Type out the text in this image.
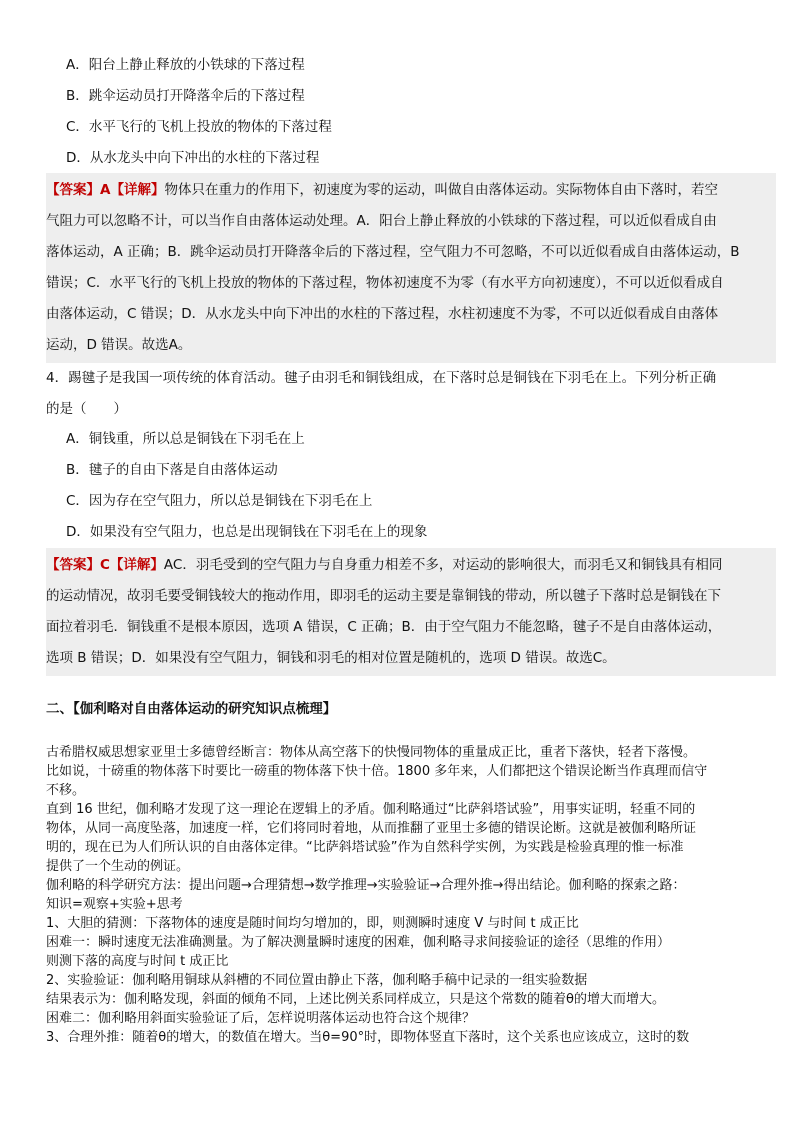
A．阳台上静止释放的小铁球的下落过程
B．跳伞运动员打开降落伞后的下落过程
C．水平飞行的飞机上投放的物体的下落过程
D．从水龙头中向下冲出的水柱的下落过程
【答案】A【详解】物体只在重力的作用下，初速度为零的运动，叫做自由落体运动。实际物体自由下落时，若空
气阻力可以忽略不计，可以当作自由落体运动处理。A．阳台上静止释放的小铁球的下落过程，可以近似看成自由
落体运动，A 正确；B．跳伞运动员打开降落伞后的下落过程，空气阻力不可忽略，不可以近似看成自由落体运动，B
错误；C．水平飞行的飞机上投放的物体的下落过程，物体初速度不为零（有水平方向初速度），不可以近似看成自
由落体运动，C 错误；D．从水龙头中向下冲出的水柱的下落过程，水柱初速度不为零，不可以近似看成自由落体
运动，D 错误。故选A。
4．踢毽子是我国一项传统的体育活动。毽子由羽毛和铜钱组成，在下落时总是铜钱在下羽毛在上。下列分析正确
的是（　　）
A．铜钱重，所以总是铜钱在下羽毛在上
B．毽子的自由下落是自由落体运动
C．因为存在空气阻力，所以总是铜钱在下羽毛在上
D．如果没有空气阻力，也总是出现铜钱在下羽毛在上的现象
【答案】C【详解】AC．羽毛受到的空气阻力与自身重力相差不多，对运动的影响很大，而羽毛又和铜钱具有相同
的运动情况，故羽毛要受铜钱较大的拖动作用，即羽毛的运动主要是靠铜钱的带动，所以毽子下落时总是铜钱在下
面拉着羽毛．铜钱重不是根本原因，选项 A 错误，C 正确；B．由于空气阻力不能忽略，毽子不是自由落体运动，
选项 B 错误；D．如果没有空气阻力，铜钱和羽毛的相对位置是随机的，选项 D 错误。故选C。
二、【伽利略对自由落体运动的研究知识点梳理】
古希腊权威思想家亚里士多德曾经断言：物体从高空落下的快慢同物体的重量成正比，重者下落快，轻者下落慢。
比如说，十磅重的物体落下时要比一磅重的物体落下快十倍。1800 多年来，人们都把这个错误论断当作真理而信守
不移。
直到 16 世纪，伽利略才发现了这一理论在逻辑上的矛盾。伽利略通过“比萨斜塔试验”，用事实证明，轻重不同的
物体，从同一高度坠落，加速度一样，它们将同时着地，从而推翻了亚里士多德的错误论断。这就是被伽利略所证
明的，现在已为人们所认识的自由落体定律。“比萨斜塔试验”作为自然科学实例，为实践是检验真理的惟一标准
提供了一个生动的例证。
伽利略的科学研究方法：提出问题→合理猜想→数学推理→实验验证→合理外推→得出结论。伽利略的探索之路：
知识=观察+实验+思考
1、大胆的猜测：下落物体的速度是随时间均匀增加的，即，则测瞬时速度 V 与时间 t 成正比
困难一：瞬时速度无法准确测量。为了解决测量瞬时速度的困难，伽利略寻求间接验证的途径（思维的作用）
则测下落的高度与时间 t 成正比
2、实验验证：伽利略用铜球从斜槽的不同位置由静止下落，伽利略手稿中记录的一组实验数据
结果表示为：伽利略发现，斜面的倾角不同，上述比例关系同样成立，只是这个常数的随着θ的增大而增大。
困难二：伽利略用斜面实验验证了后，怎样说明落体运动也符合这个规律？
3、合理外推：随着θ的增大，的数值在增大。当θ=90°时，即物体竖直下落时，这个关系也应该成立，这时的数
